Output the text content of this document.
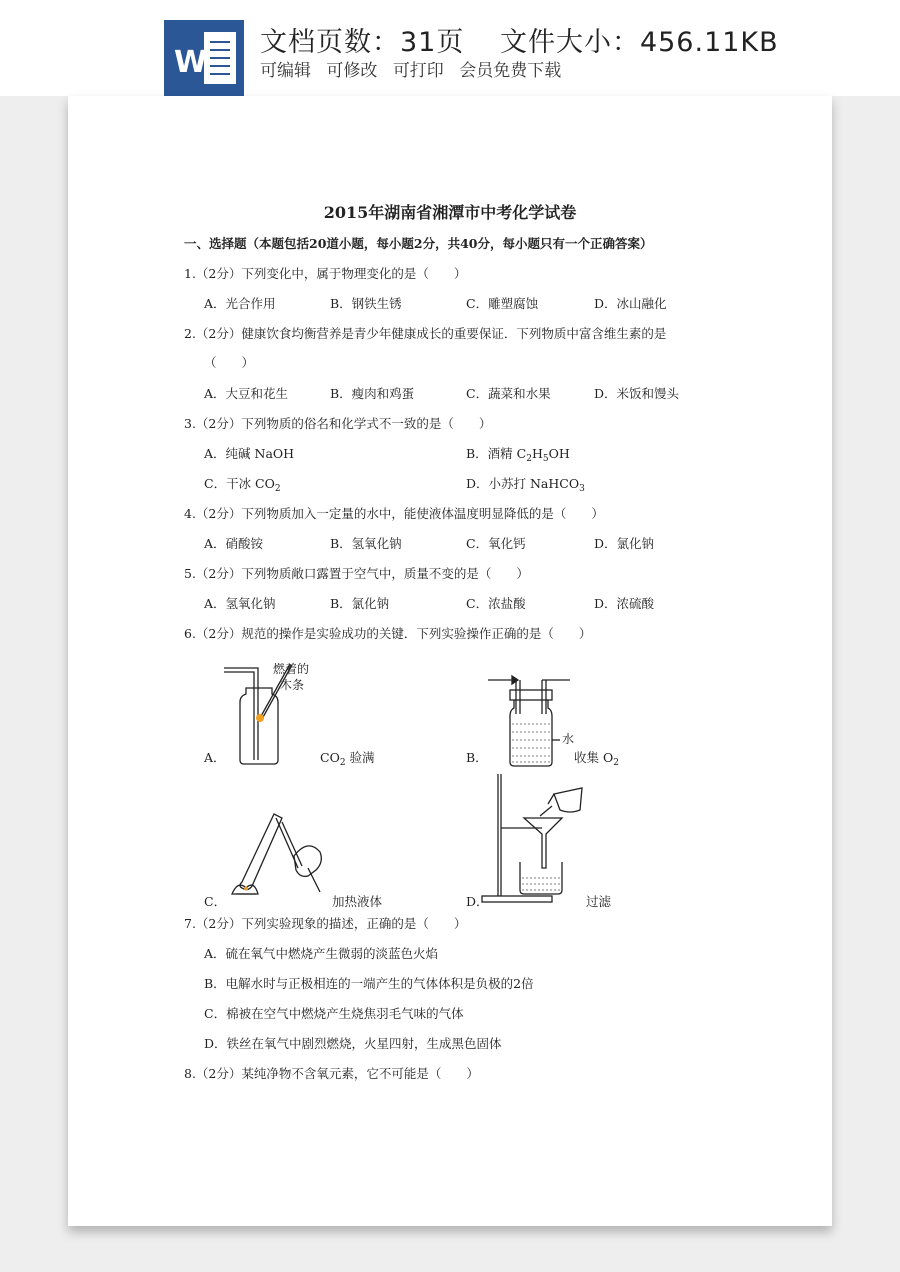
W
文档页数：31页 文件大小：456.11KB
可编辑 可修改 可打印 会员免费下载
2015年湖南省湘潭市中考化学试卷
一、选择题（本题包括20道小题，每小题2分，共40分，每小题只有一个正确答案）
1.（2分）下列变化中，属于物理变化的是（　　）
A．光合作用	B．钢铁生锈	C．雕塑腐蚀	D．冰山融化
2.（2分）健康饮食均衡营养是青少年健康成长的重要保证．下列物质中富含维生素的是
（　　）
A．大豆和花生	B．瘦肉和鸡蛋	C．蔬菜和水果	D．米饭和馒头
3.（2分）下列物质的俗名和化学式不一致的是（　　）
A．纯碱 NaOH	B．酒精 $C_2H_5OH$
C．干冰 $CO_2$	D．小苏打 NaHCO$_3$
4.（2分）下列物质加入一定量的水中，能使液体温度明显降低的是（　　）
A．硝酸铵	B．氢氧化钠	C．氧化钙	D．氯化钠
5.（2分）下列物质敞口露置于空气中，质量不变的是（　　）
A．氢氧化钠	B．氯化钠	C．浓盐酸	D．浓硫酸
6.（2分）规范的操作是实验成功的关键．下列实验操作正确的是（　　）
燃着的
木条
A．	$CO_2$ 验满
水
B．	收集 $O_2$
C．	加热液体	D．	过滤
7.（2分）下列实验现象的描述，正确的是（　　）
A．硫在氧气中燃烧产生微弱的淡蓝色火焰
B．电解水时与正极相连的一端产生的气体体积是负极的2倍
C．棉被在空气中燃烧产生烧焦羽毛气味的气体
D．铁丝在氧气中剧烈燃烧，火星四射，生成黑色固体
8.（2分）某纯净物不含氧元素，它不可能是（　　）
